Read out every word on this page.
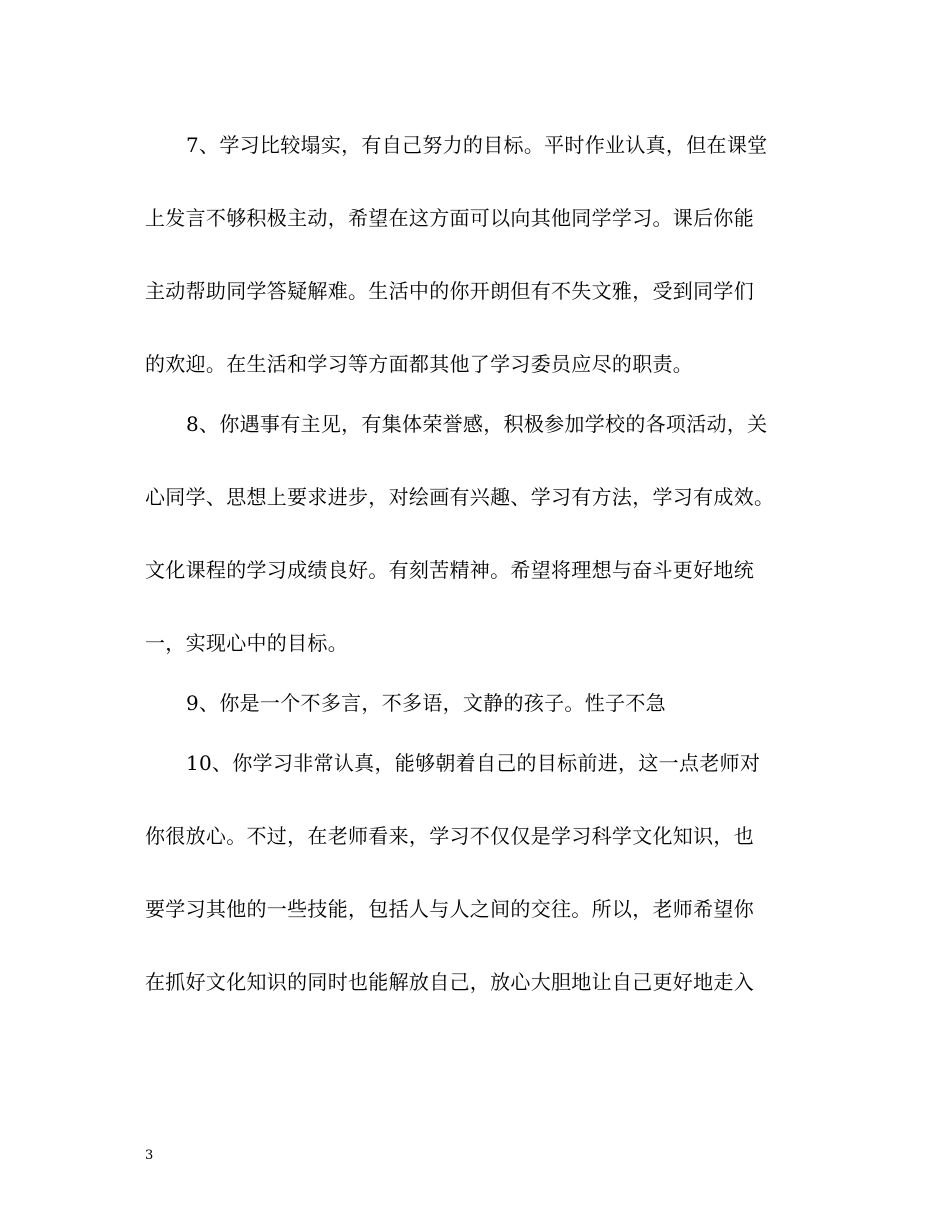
7、学习比较塌实，有自己努力的目标。平时作业认真，但在课堂
上发言不够积极主动，希望在这方面可以向其他同学学习。课后你能
主动帮助同学答疑解难。生活中的你开朗但有不失文雅，受到同学们
的欢迎。在生活和学习等方面都其他了学习委员应尽的职责。
8、你遇事有主见，有集体荣誉感，积极参加学校的各项活动，关
心同学、思想上要求进步，对绘画有兴趣、学习有方法，学习有成效。
文化课程的学习成绩良好。有刻苦精神。希望将理想与奋斗更好地统
一，实现心中的目标。
9、你是一个不多言，不多语，文静的孩子。性子不急
10、你学习非常认真，能够朝着自己的目标前进，这一点老师对
你很放心。不过，在老师看来，学习不仅仅是学习科学文化知识，也
要学习其他的一些技能，包括人与人之间的交往。所以，老师希望你
在抓好文化知识的同时也能解放自己，放心大胆地让自己更好地走入
3
